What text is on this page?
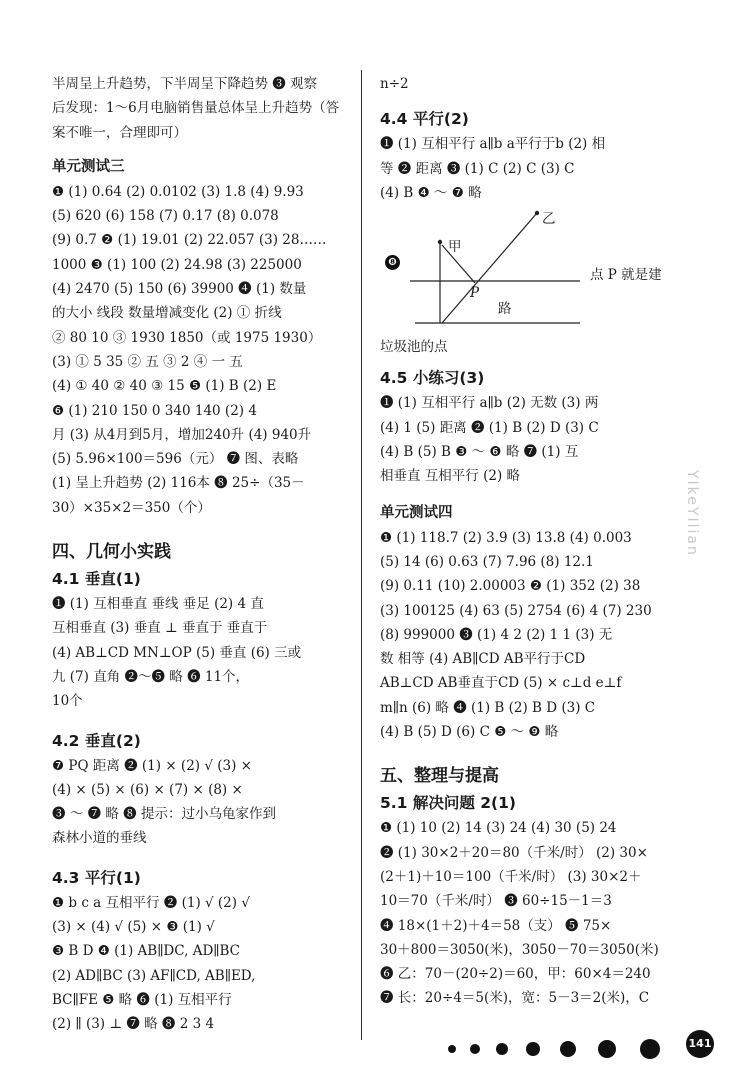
半周呈上升趋势，下半周呈下降趋势 ❸ 观察
后发现：1～6月电脑销售量总体呈上升趋势（答
案不唯一，合理即可）
单元测试三
❶ (1) 0.64 (2) 0.0102 (3) 1.8 (4) 9.93
(5) 620 (6) 158 (7) 0.17 (8) 0.078
(9) 0.7 ❷ (1) 19.01 (2) 22.057 (3) 28……
1000 ❸ (1) 100 (2) 24.98 (3) 225000
(4) 2470 (5) 150 (6) 39900 ❹ (1) 数量
的大小 线段 数量增减变化 (2) ① 折线
② 80 10 ③ 1930 1850（或 1975 1930）
(3) ① 5 35 ② 五 ③ 2 ④ 一 五
(4) ① 40 ② 40 ③ 15 ❺ (1) B (2) E
❻ (1) 210 150 0 340 140 (2) 4
月 (3) 从4月到5月，增加240升 (4) 940升
(5) 5.96×100＝596（元） ❼ 图、表略
(1) 呈上升趋势 (2) 116本 ❽ 25÷（35－
30）×35×2＝350（个）
四、几何小实践
4.1 垂直(1)
❶ (1) 互相垂直 垂线 垂足 (2) 4 直
互相垂直 (3) 垂直 ⊥ 垂直于 垂直于
(4) AB⊥CD MN⊥OP (5) 垂直 (6) 三或
九 (7) 直角 ❷～❺ 略 ❻ 11个，
10个
4.2 垂直(2)
❼ PQ 距离 ❷ (1) × (2) √ (3) ×
(4) × (5) × (6) × (7) × (8) ×
❸ ～ ❼ 略 ❽ 提示：过小乌龟家作到
森林小道的垂线
4.3 平行(1)
❶ b c a 互相平行 ❷ (1) √ (2) √
(3) × (4) √ (5) × ❸ (1) √
❸ B D ❹ (1) AB∥DC, AD∥BC
(2) AD∥BC (3) AF∥CD, AB∥ED,
BC∥FE ❺ 略 ❻ (1) 互相平行
(2) ∥ (3) ⊥ ❼ 略 ❽ 2 3 4
n÷2
4.4 平行(2)
❶ (1) 互相平行 a∥b a平行于b (2) 相
等 ❷ 距离 ❸ (1) C (2) C (3) C
(4) B ❹ ～ ❼ 略
❽
甲
乙
P
路
点 P 就是建
垃圾池的点
4.5 小练习(3)
❶ (1) 互相平行 a∥b (2) 无数 (3) 两
(4) 1 (5) 距离 ❷ (1) B (2) D (3) C
(4) B (5) B ❸ ～ ❻ 略 ❼ (1) 互
相垂直 互相平行 (2) 略
单元测试四
❶ (1) 118.7 (2) 3.9 (3) 13.8 (4) 0.003
(5) 14 (6) 0.63 (7) 7.96 (8) 12.1
(9) 0.11 (10) 2.00003 ❷ (1) 352 (2) 38
(3) 100125 (4) 63 (5) 2754 (6) 4 (7) 230
(8) 999000 ❸ (1) 4 2 (2) 1 1 (3) 无
数 相等 (4) AB∥CD AB平行于CD
AB⊥CD AB垂直于CD (5) × c⊥d e⊥f
m∥n (6) 略 ❹ (1) B (2) B D (3) C
(4) B (5) D (6) C ❺ ～ ❾ 略
五、整理与提高
5.1 解决问题 2(1)
❶ (1) 10 (2) 14 (3) 24 (4) 30 (5) 24
❷ (1) 30×2＋20＝80（千米/时） (2) 30×
(2＋1)＋10＝100（千米/时） (3) 30×2＋
10＝70（千米/时） ❸ 60÷15－1＝3
❹ 18×(1＋2)＋4＝58（支） ❺ 75×
30＋800＝3050(米)，3050－70＝3050(米)
❻ 乙：70－(20÷2)＝60，甲：60×4＝240
❼ 长：20÷4＝5(米)，宽：5－3＝2(米)，C
YIkeYIlian
141
